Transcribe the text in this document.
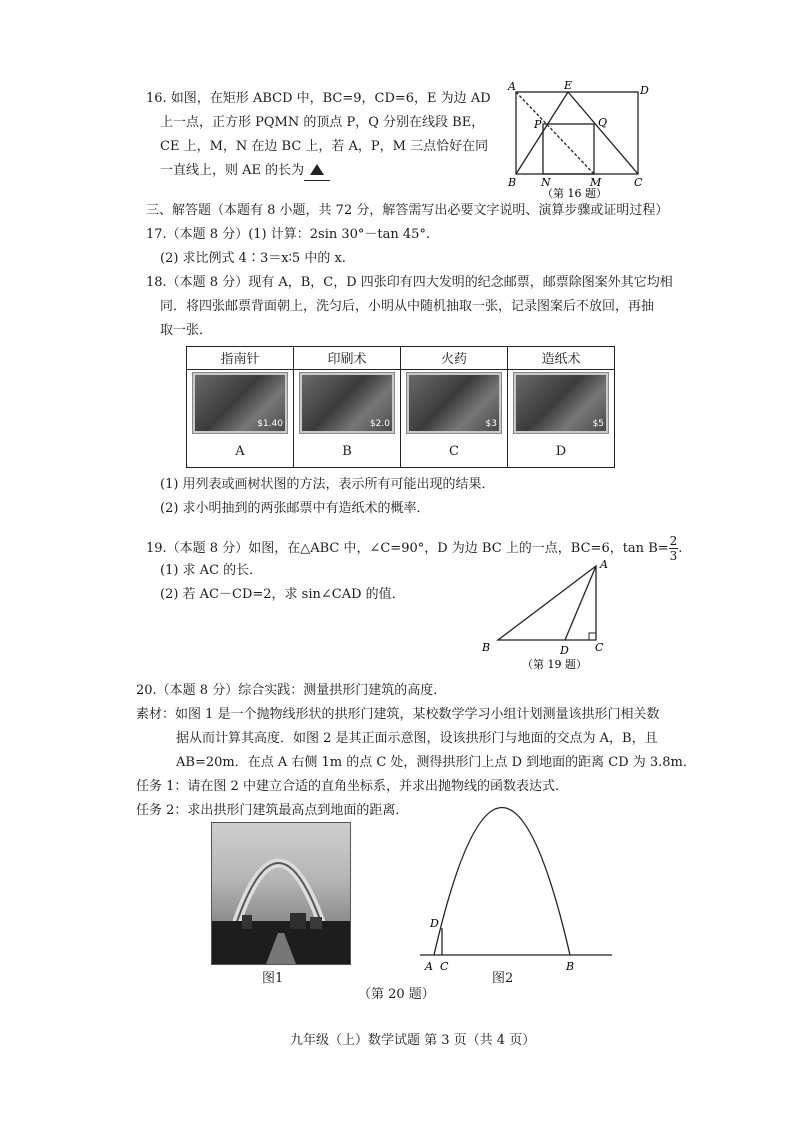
16. 如图，在矩形 ABCD 中，BC=9，CD=6，E 为边 AD
上一点，正方形 PQMN 的顶点 P，Q 分别在线段 BE，
CE 上，M，N 在边 BC 上，若 A，P，M 三点恰好在同
一直线上，则 AE 的长为
A	E	D
P	Q
B N	M	C
（第 16 题）
三、解答题（本题有 8 小题，共 72 分，解答需写出必要文字说明、演算步骤或证明过程）
17.（本题 8 分）(1) 计算：2sin 30°－tan 45°.
(2) 求比例式 4∶3＝x∶5 中的 x.
18.（本题 8 分）现有 A，B，C，D 四张印有四大发明的纪念邮票，邮票除图案外其它均相
同．将四张邮票背面朝上，洗匀后，小明从中随机抽取一张，记录图案后不放回，再抽
取一张．
指南针	印刷术	火药	造纸术

$1.40	$2.0	$3	$5

A	B	C	D
(1) 用列表或画树状图的方法，表示所有可能出现的结果．
(2) 求小明抽到的两张邮票中有造纸术的概率．
19.（本题 8 分）如图，在△ABC 中，∠C=90°，D 为边 BC 上的一点，BC=6，$\tan B= \frac{2}{3}$ .
(1) 求 AC 的长．
(2) 若 AC－CD=2，求 sin∠CAD 的值．
A
B	D C
（第 19 题）
20.（本题 8 分）综合实践：测量拱形门建筑的高度．
素材：如图 1 是一个抛物线形状的拱形门建筑，某校数学学习小组计划测量该拱形门相关数
据从而计算其高度．如图 2 是其正面示意图，设该拱形门与地面的交点为 A，B，且
AB=20m．在点 A 右侧 1m 的点 C 处，测得拱形门上点 D 到地面的距离 CD 为 3.8m．
任务 1：请在图 2 中建立合适的直角坐标系，并求出抛物线的函数表达式．
任务 2：求出拱形门建筑最高点到地面的距离．
图1
D
A C	B
图2
（第 20 题）
九年级（上）数学试题 第 3 页（共 4 页）
